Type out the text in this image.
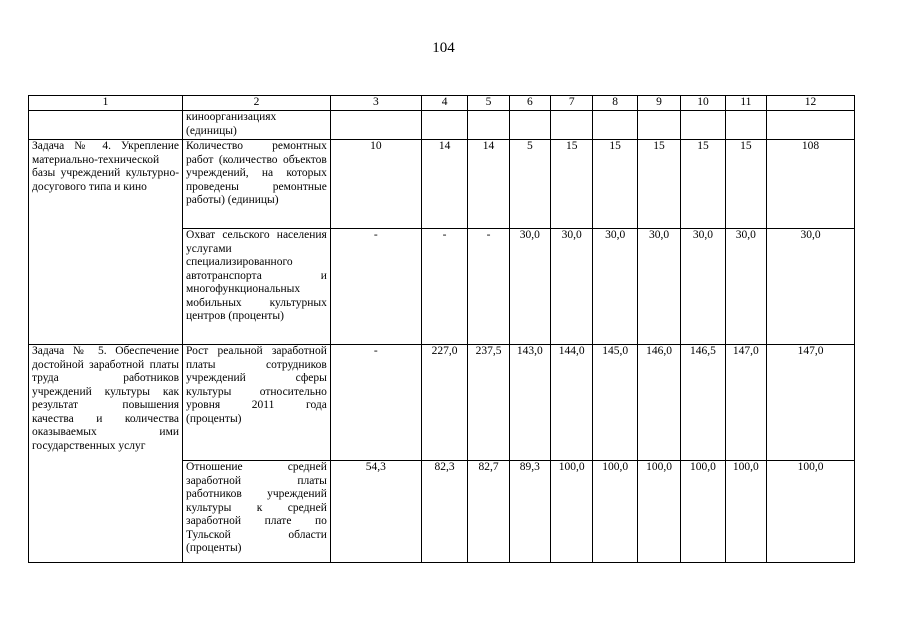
104
1	2	3	4	5	6	7	8	9	10	11	12
	кинoорганизациях (единицы)										
Задача № 4. Укрепление материально-технической базы учреждений культурно-досугового типа и кино	Количество ремонтных работ (количество объектов учреждений, на которых проведены ремонтные работы) (единицы)	10	14	14	5	15	15	15	15	15	108
	Охват сельского населения услугами специализированного автотранспорта и многофункциональных мобильных культурных центров (проценты)	-	-	-	30,0	30,0	30,0	30,0	30,0	30,0	30,0
Задача № 5. Обеспечение достойной заработной платы труда работников учреждений культуры как результат повышения качества и количества оказываемых ими государственных услуг	Рост реальной заработной платы сотрудников учреждений сферы культуры относительно уровня 2011 года (проценты)	-	227,0	237,5	143,0	144,0	145,0	146,0	146,5	147,0	147,0
	Отношение средней заработной платы работников учреждений культуры к средней заработной плате по Тульской области (проценты)	54,3	82,3	82,7	89,3	100,0	100,0	100,0	100,0	100,0	100,0
